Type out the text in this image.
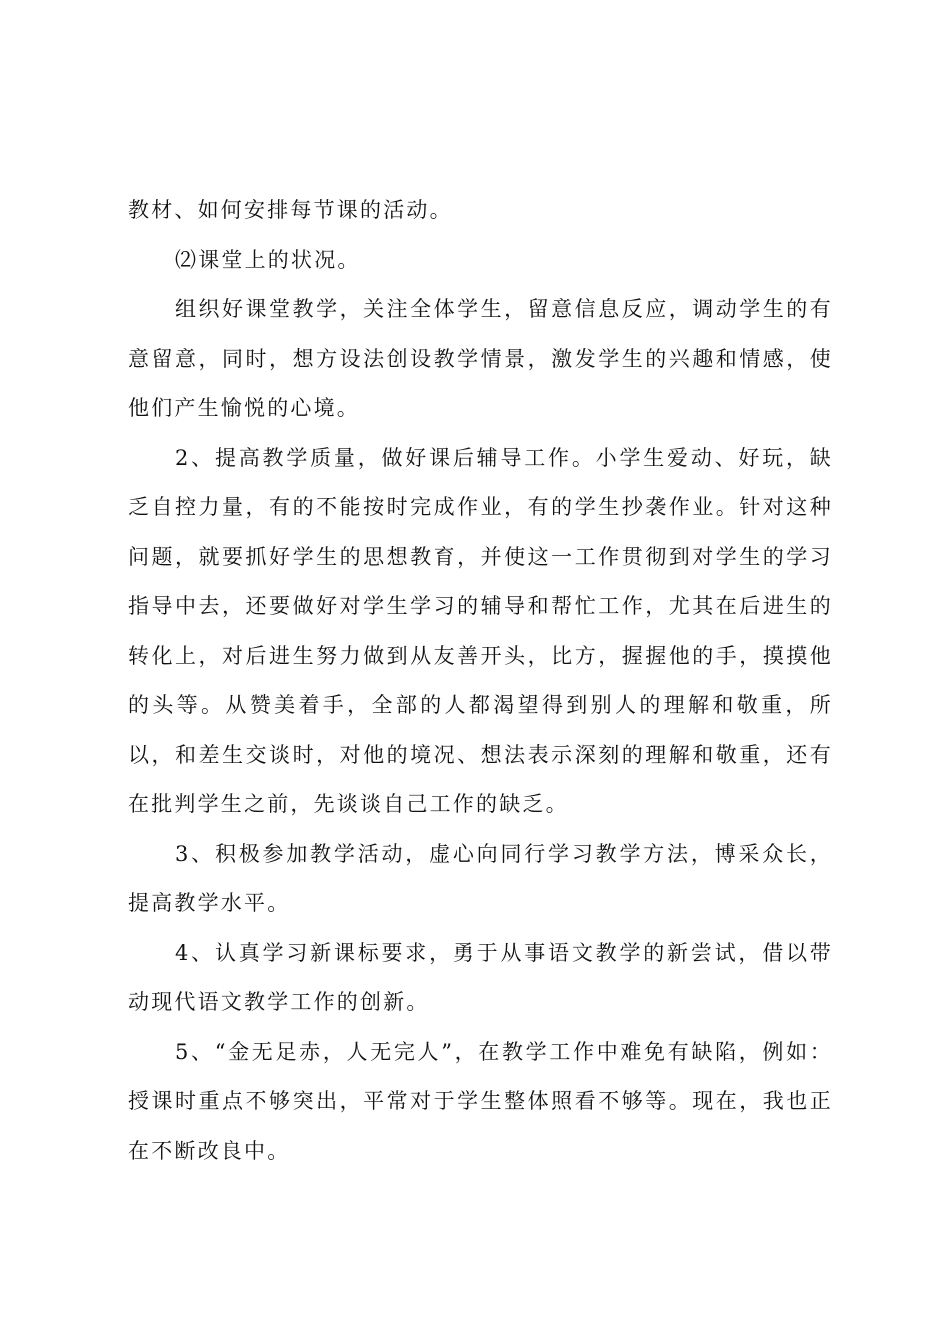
教材、如何安排每节课的活动。

⑵课堂上的状况。

组织好课堂教学，关注全体学生，留意信息反应，调动学生的有意留意，同时，想方设法创设教学情景，激发学生的兴趣和情感，使他们产生愉悦的心境。

2、提高教学质量，做好课后辅导工作。小学生爱动、好玩，缺乏自控力量，有的不能按时完成作业，有的学生抄袭作业。针对这种问题，就要抓好学生的思想教育，并使这一工作贯彻到对学生的学习指导中去，还要做好对学生学习的辅导和帮忙工作，尤其在后进生的转化上，对后进生努力做到从友善开头，比方，握握他的手，摸摸他的头等。从赞美着手，全部的人都渴望得到别人的理解和敬重，所以，和差生交谈时，对他的境况、想法表示深刻的理解和敬重，还有在批判学生之前，先谈谈自己工作的缺乏。

3、积极参加教学活动，虚心向同行学习教学方法，博采众长，提高教学水平。

4、认真学习新课标要求，勇于从事语文教学的新尝试，借以带动现代语文教学工作的创新。

5、“金无足赤，人无完人”，在教学工作中难免有缺陷，例如：授课时重点不够突出，平常对于学生整体照看不够等。现在，我也正在不断改良中。
